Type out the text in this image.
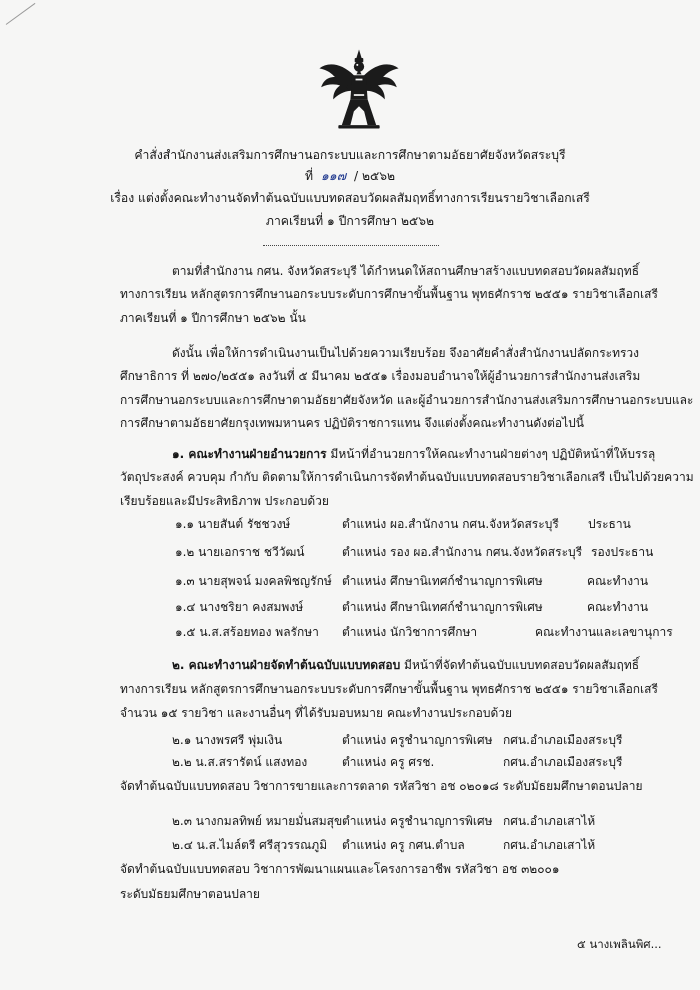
คำสั่งสำนักงานส่งเสริมการศึกษานอกระบบและการศึกษาตามอัธยาศัยจังหวัดสระบุรี
ที่ ๑๑๗ / ๒๕๖๒
เรื่อง แต่งตั้งคณะทำงานจัดทำต้นฉบับแบบทดสอบวัดผลสัมฤทธิ์ทางการเรียนรายวิชาเลือกเสรี
ภาคเรียนที่ ๑ ปีการศึกษา ๒๕๖๒
ตามที่สำนักงาน กศน. จังหวัดสระบุรี ได้กำหนดให้สถานศึกษาสร้างแบบทดสอบวัดผลสัมฤทธิ์
ทางการเรียน หลักสูตรการศึกษานอกระบบระดับการศึกษาขั้นพื้นฐาน พุทธศักราช ๒๕๕๑ รายวิชาเลือกเสรี
ภาคเรียนที่ ๑ ปีการศึกษา ๒๕๖๒ นั้น
ดังนั้น เพื่อให้การดำเนินงานเป็นไปด้วยความเรียบร้อย จึงอาศัยคำสั่งสำนักงานปลัดกระทรวง
ศึกษาธิการ ที่ ๒๗๐/๒๕๕๑ ลงวันที่ ๕ มีนาคม ๒๕๕๑ เรื่องมอบอำนาจให้ผู้อำนวยการสำนักงานส่งเสริม
การศึกษานอกระบบและการศึกษาตามอัธยาศัยจังหวัด และผู้อำนวยการสำนักงานส่งเสริมการศึกษานอกระบบและ
การศึกษาตามอัธยาศัยกรุงเทพมหานคร ปฏิบัติราชการแทน จึงแต่งตั้งคณะทำงานดังต่อไปนี้
๑. คณะทำงานฝ่ายอำนวยการ มีหน้าที่อำนวยการให้คณะทำงานฝ่ายต่างๆ ปฏิบัติหน้าที่ให้บรรลุ
วัตถุประสงค์ ควบคุม กำกับ ติดตามให้การดำเนินการจัดทำต้นฉบับแบบทดสอบรายวิชาเลือกเสรี เป็นไปด้วยความ
เรียบร้อยและมีประสิทธิภาพ ประกอบด้วย
๑.๑ นายสันต์ รัชชวงษ์	ตำแหน่ง ผอ.สำนักงาน กศน.จังหวัดสระบุรี ประธาน
๑.๒ นายเอกราช ชวีวัฒน์	ตำแหน่ง รอง ผอ.สำนักงาน กศน.จังหวัดสระบุรี รองประธาน
๑.๓ นายสุพจน์ มงคลพิชญรักษ์ ตำแหน่ง ศึกษานิเทศก์ชำนาญการพิเศษ	คณะทำงาน
๑.๔ นางชริยา คงสมพงษ์	ตำแหน่ง ศึกษานิเทศก์ชำนาญการพิเศษ	คณะทำงาน
๑.๕ น.ส.สร้อยทอง พลรักษา ตำแหน่ง นักวิชาการศึกษา	คณะทำงานและเลขานุการ
๒. คณะทำงานฝ่ายจัดทำต้นฉบับแบบทดสอบ มีหน้าที่จัดทำต้นฉบับแบบทดสอบวัดผลสัมฤทธิ์
ทางการเรียน หลักสูตรการศึกษานอกระบบระดับการศึกษาขั้นพื้นฐาน พุทธศักราช ๒๕๕๑ รายวิชาเลือกเสรี
จำนวน ๑๕ รายวิชา และงานอื่นๆ ที่ได้รับมอบหมาย คณะทำงานประกอบด้วย
๒.๑ นางพรศรี พุ่มเงิน	ตำแหน่ง ครูชำนาญการพิเศษ กศน.อำเภอเมืองสระบุรี
๒.๒ น.ส.สรารัตน์ แสงทอง	ตำแหน่ง ครู ศรช.	กศน.อำเภอเมืองสระบุรี
จัดทำต้นฉบับแบบทดสอบ วิชาการขายและการตลาด รหัสวิชา อช ๐๒๐๑๘ ระดับมัธยมศึกษาตอนปลาย
๒.๓ นางกมลทิพย์ หมายมั่นสมสุข ตำแหน่ง ครูชำนาญการพิเศษ กศน.อำเภอเสาไห้
๒.๔ น.ส.ไมล์ตรี ศรีสุวรรณภูมิ ตำแหน่ง ครู กศน.ตำบล	กศน.อำเภอเสาไห้
จัดทำต้นฉบับแบบทดสอบ วิชาการพัฒนาแผนและโครงการอาชีพ รหัสวิชา อช ๓๒๐๐๑
ระดับมัธยมศึกษาตอนปลาย
๕ นางเพลินพิศ...
